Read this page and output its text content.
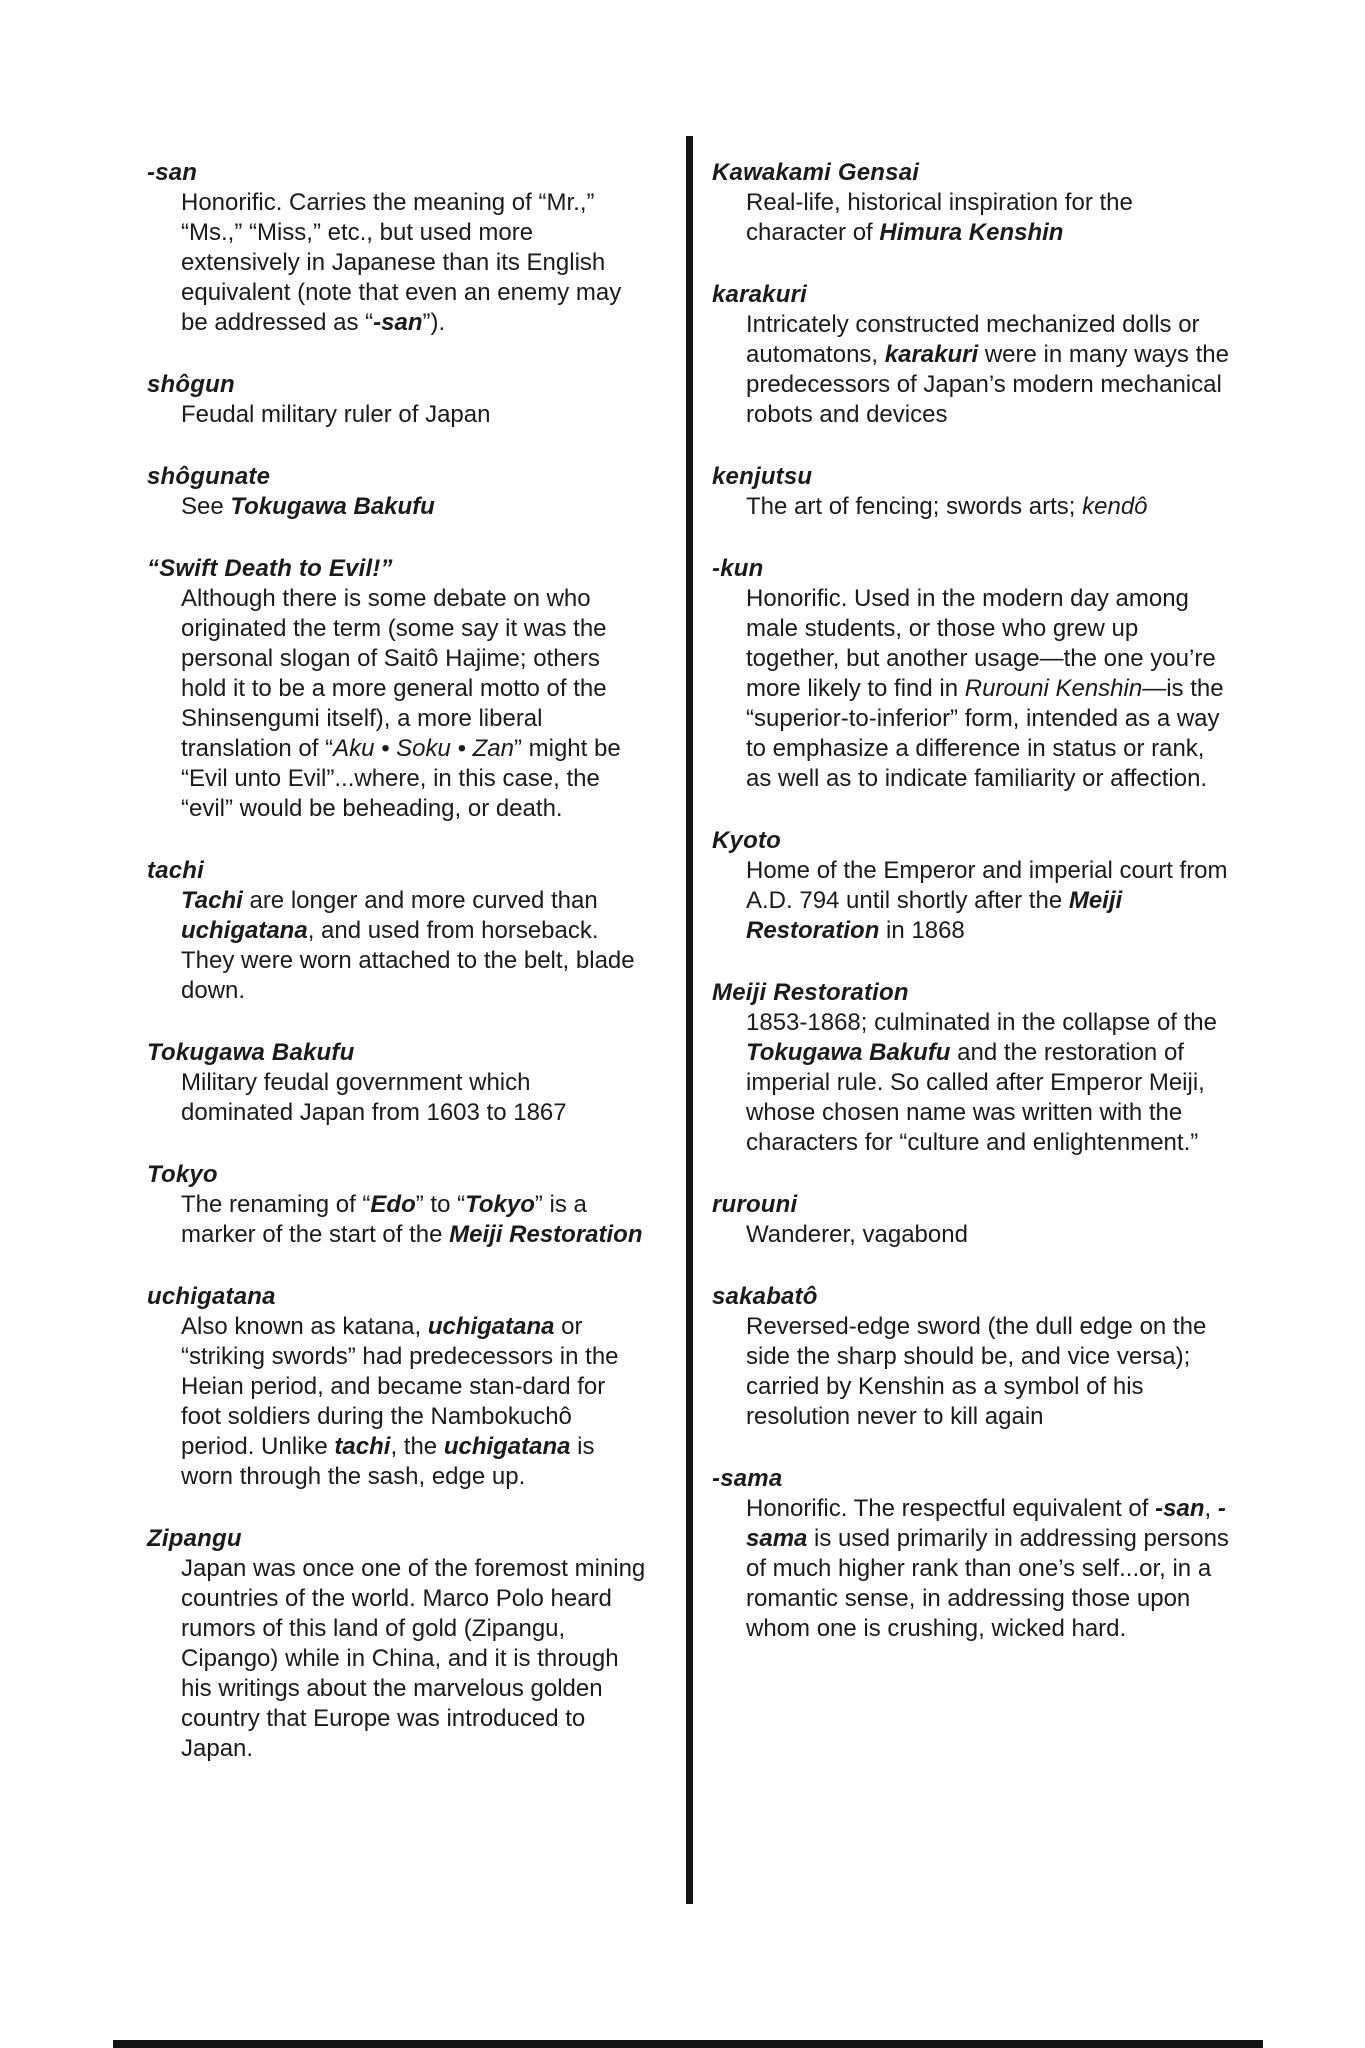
-san
Honorific. Carries the meaning of “Mr.,” “Ms.,” “Miss,” etc., but used more extensively in Japanese than its English equivalent (note that even an enemy may be addressed as “-san”).
shôgun
Feudal military ruler of Japan
shôgunate
See Tokugawa Bakufu
“Swift Death to Evil!”
Although there is some debate on who originated the term (some say it was the personal slogan of Saitô Hajime; others hold it to be a more general motto of the Shinsengumi itself), a more liberal translation of “Aku • Soku • Zan” might be “Evil unto Evil”...where, in this case, the “evil” would be beheading, or death.
tachi
Tachi are longer and more curved than uchigatana, and used from horseback. They were worn attached to the belt, blade down.
Tokugawa Bakufu
Military feudal government which dominated Japan from 1603 to 1867
Tokyo
The renaming of “Edo” to “Tokyo” is a marker of the start of the Meiji Restoration
uchigatana
Also known as katana, uchigatana or “striking swords” had predecessors in the Heian period, and became stan-dard for foot soldiers during the Nambokuchô period. Unlike tachi, the uchigatana is worn through the sash, edge up.
Zipangu
Japan was once one of the foremost mining countries of the world. Marco Polo heard rumors of this land of gold (Zipangu, Cipango) while in China, and it is through his writings about the marvelous golden country that Europe was introduced to Japan.
Kawakami Gensai
Real-life, historical inspiration for the character of Himura Kenshin
karakuri
Intricately constructed mechanized dolls or automatons, karakuri were in many ways the predecessors of Japan’s modern mechanical robots and devices
kenjutsu
The art of fencing; swords arts; kendô
-kun
Honorific. Used in the modern day among male students, or those who grew up together, but another usage—the one you’re more likely to find in Rurouni Kenshin—is the “superior-to-inferior” form, intended as a way to emphasize a difference in status or rank, as well as to indicate familiarity or affection.
Kyoto
Home of the Emperor and imperial court from A.D. 794 until shortly after the Meiji Restoration in 1868
Meiji Restoration
1853-1868; culminated in the collapse of the Tokugawa Bakufu and the restoration of imperial rule. So called after Emperor Meiji, whose chosen name was written with the characters for “culture and enlightenment.”
rurouni
Wanderer, vagabond
sakabatô
Reversed-edge sword (the dull edge on the side the sharp should be, and vice versa); carried by Kenshin as a symbol of his resolution never to kill again
-sama
Honorific. The respectful equivalent of -san, -sama is used primarily in addressing persons of much higher rank than one’s self...or, in a romantic sense, in addressing those upon whom one is crushing, wicked hard.
